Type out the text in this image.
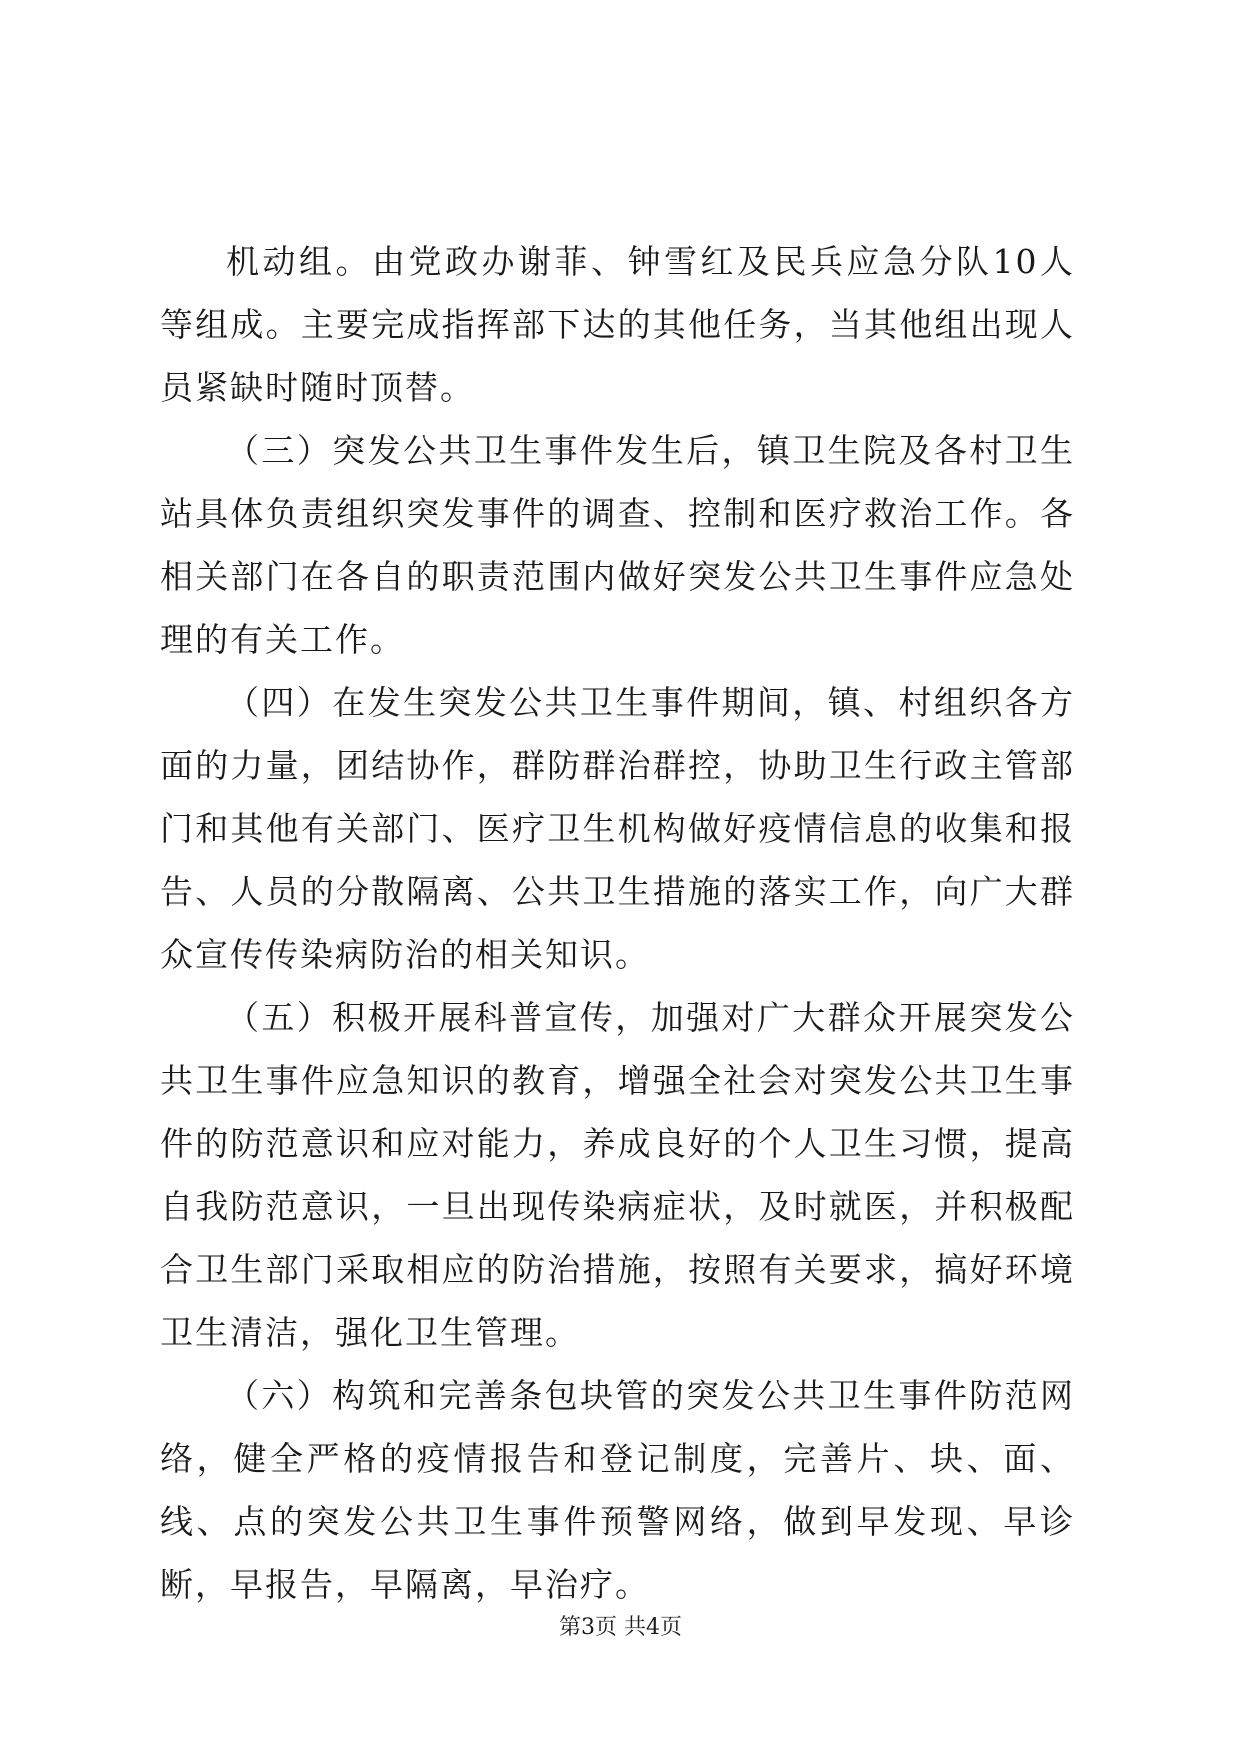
机动组。由党政办谢菲、钟雪红及民兵应急分队10人等组成。主要完成指挥部下达的其他任务，当其他组出现人员紧缺时随时顶替。

（三）突发公共卫生事件发生后，镇卫生院及各村卫生站具体负责组织突发事件的调查、控制和医疗救治工作。各相关部门在各自的职责范围内做好突发公共卫生事件应急处理的有关工作。

（四）在发生突发公共卫生事件期间，镇、村组织各方面的力量，团结协作，群防群治群控，协助卫生行政主管部门和其他有关部门、医疗卫生机构做好疫情信息的收集和报告、人员的分散隔离、公共卫生措施的落实工作，向广大群众宣传传染病防治的相关知识。

（五）积极开展科普宣传，加强对广大群众开展突发公共卫生事件应急知识的教育，增强全社会对突发公共卫生事件的防范意识和应对能力，养成良好的个人卫生习惯，提高自我防范意识，一旦出现传染病症状，及时就医，并积极配合卫生部门采取相应的防治措施，按照有关要求，搞好环境卫生清洁，强化卫生管理。

（六）构筑和完善条包块管的突发公共卫生事件防范网络，健全严格的疫情报告和登记制度，完善片、块、面、线、点的突发公共卫生事件预警网络，做到早发现、早诊断，早报告，早隔离，早治疗。

第3页 共4页
